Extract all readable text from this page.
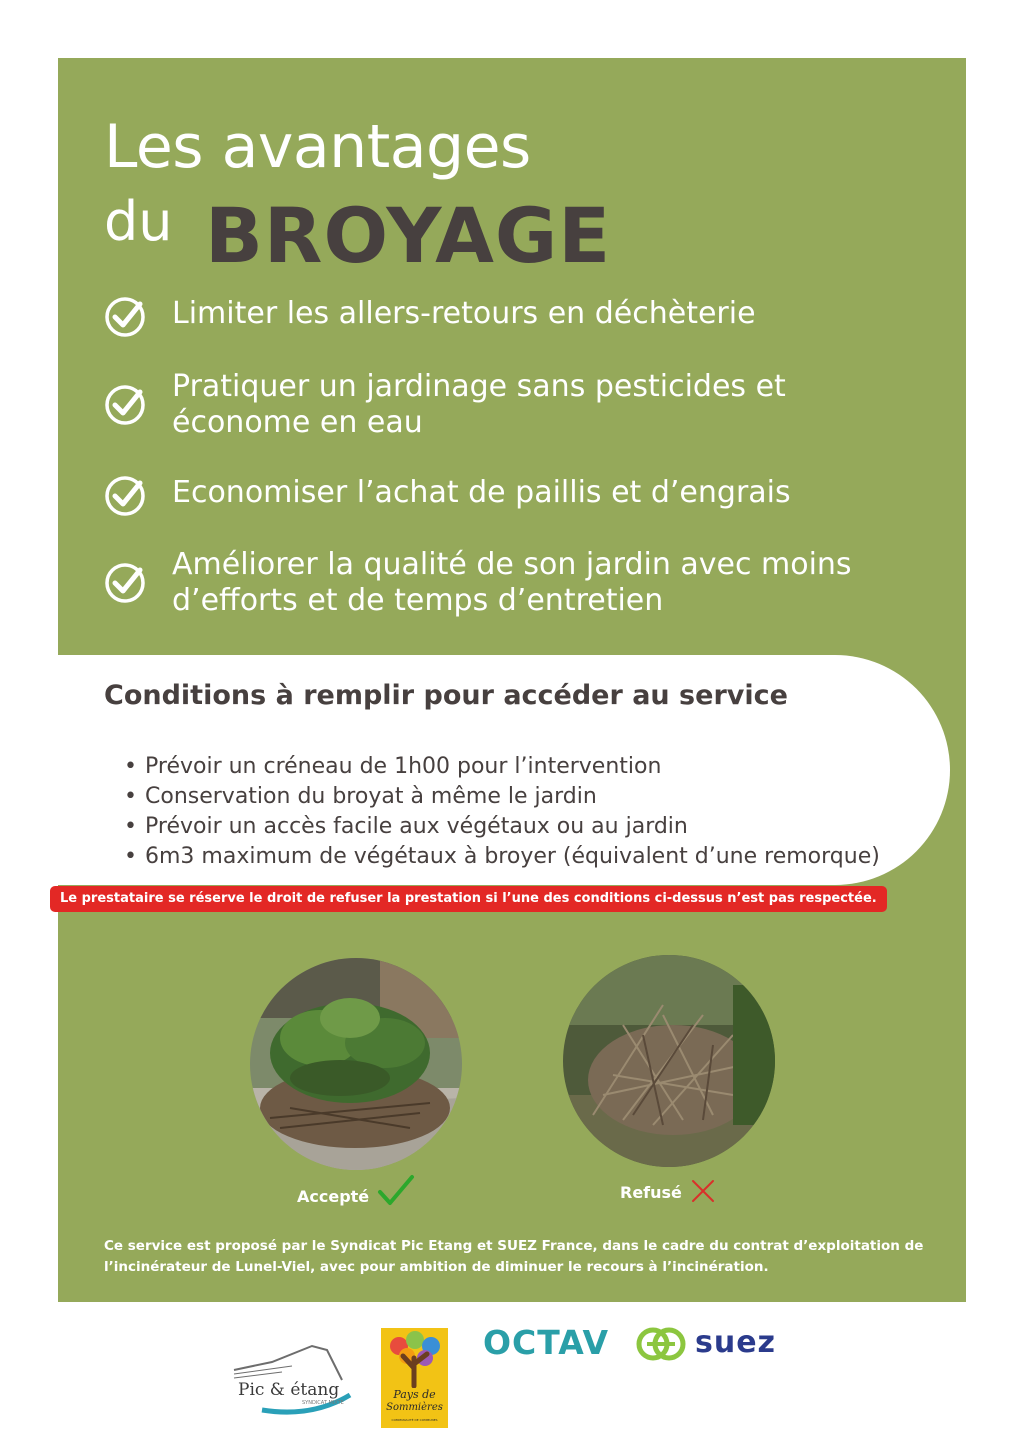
Les avantages
du BROYAGE
Limiter les allers-retours en déchèterie
Pratiquer un jardinage sans pesticides et économe en eau
Economiser l’achat de paillis et d’engrais
Améliorer la qualité de son jardin avec moins d’efforts et de temps d’entretien
Conditions à remplir pour accéder au service
• Prévoir un créneau de 1h00 pour l’intervention
• Conservation du broyat à même le jardin
• Prévoir un accès facile aux végétaux ou au jardin
• 6m3 maximum de végétaux à broyer (équivalent d’une remorque)
Le prestataire se réserve le droit de refuser la prestation si l’une des conditions ci-dessus n’est pas respectée.
Accepté	Refusé
Ce service est proposé par le Syndicat Pic Etang et SUEZ France, dans le cadre du contrat d’exploitation de l’incinérateur de Lunel-Viel, avec pour ambition de diminuer le recours à l’incinération.
Pic & étang
SYNDICAT MIXTE
Pays de
Sommières
COMMUNAUTÉ DE COMMUNES
OCTAV	suez
